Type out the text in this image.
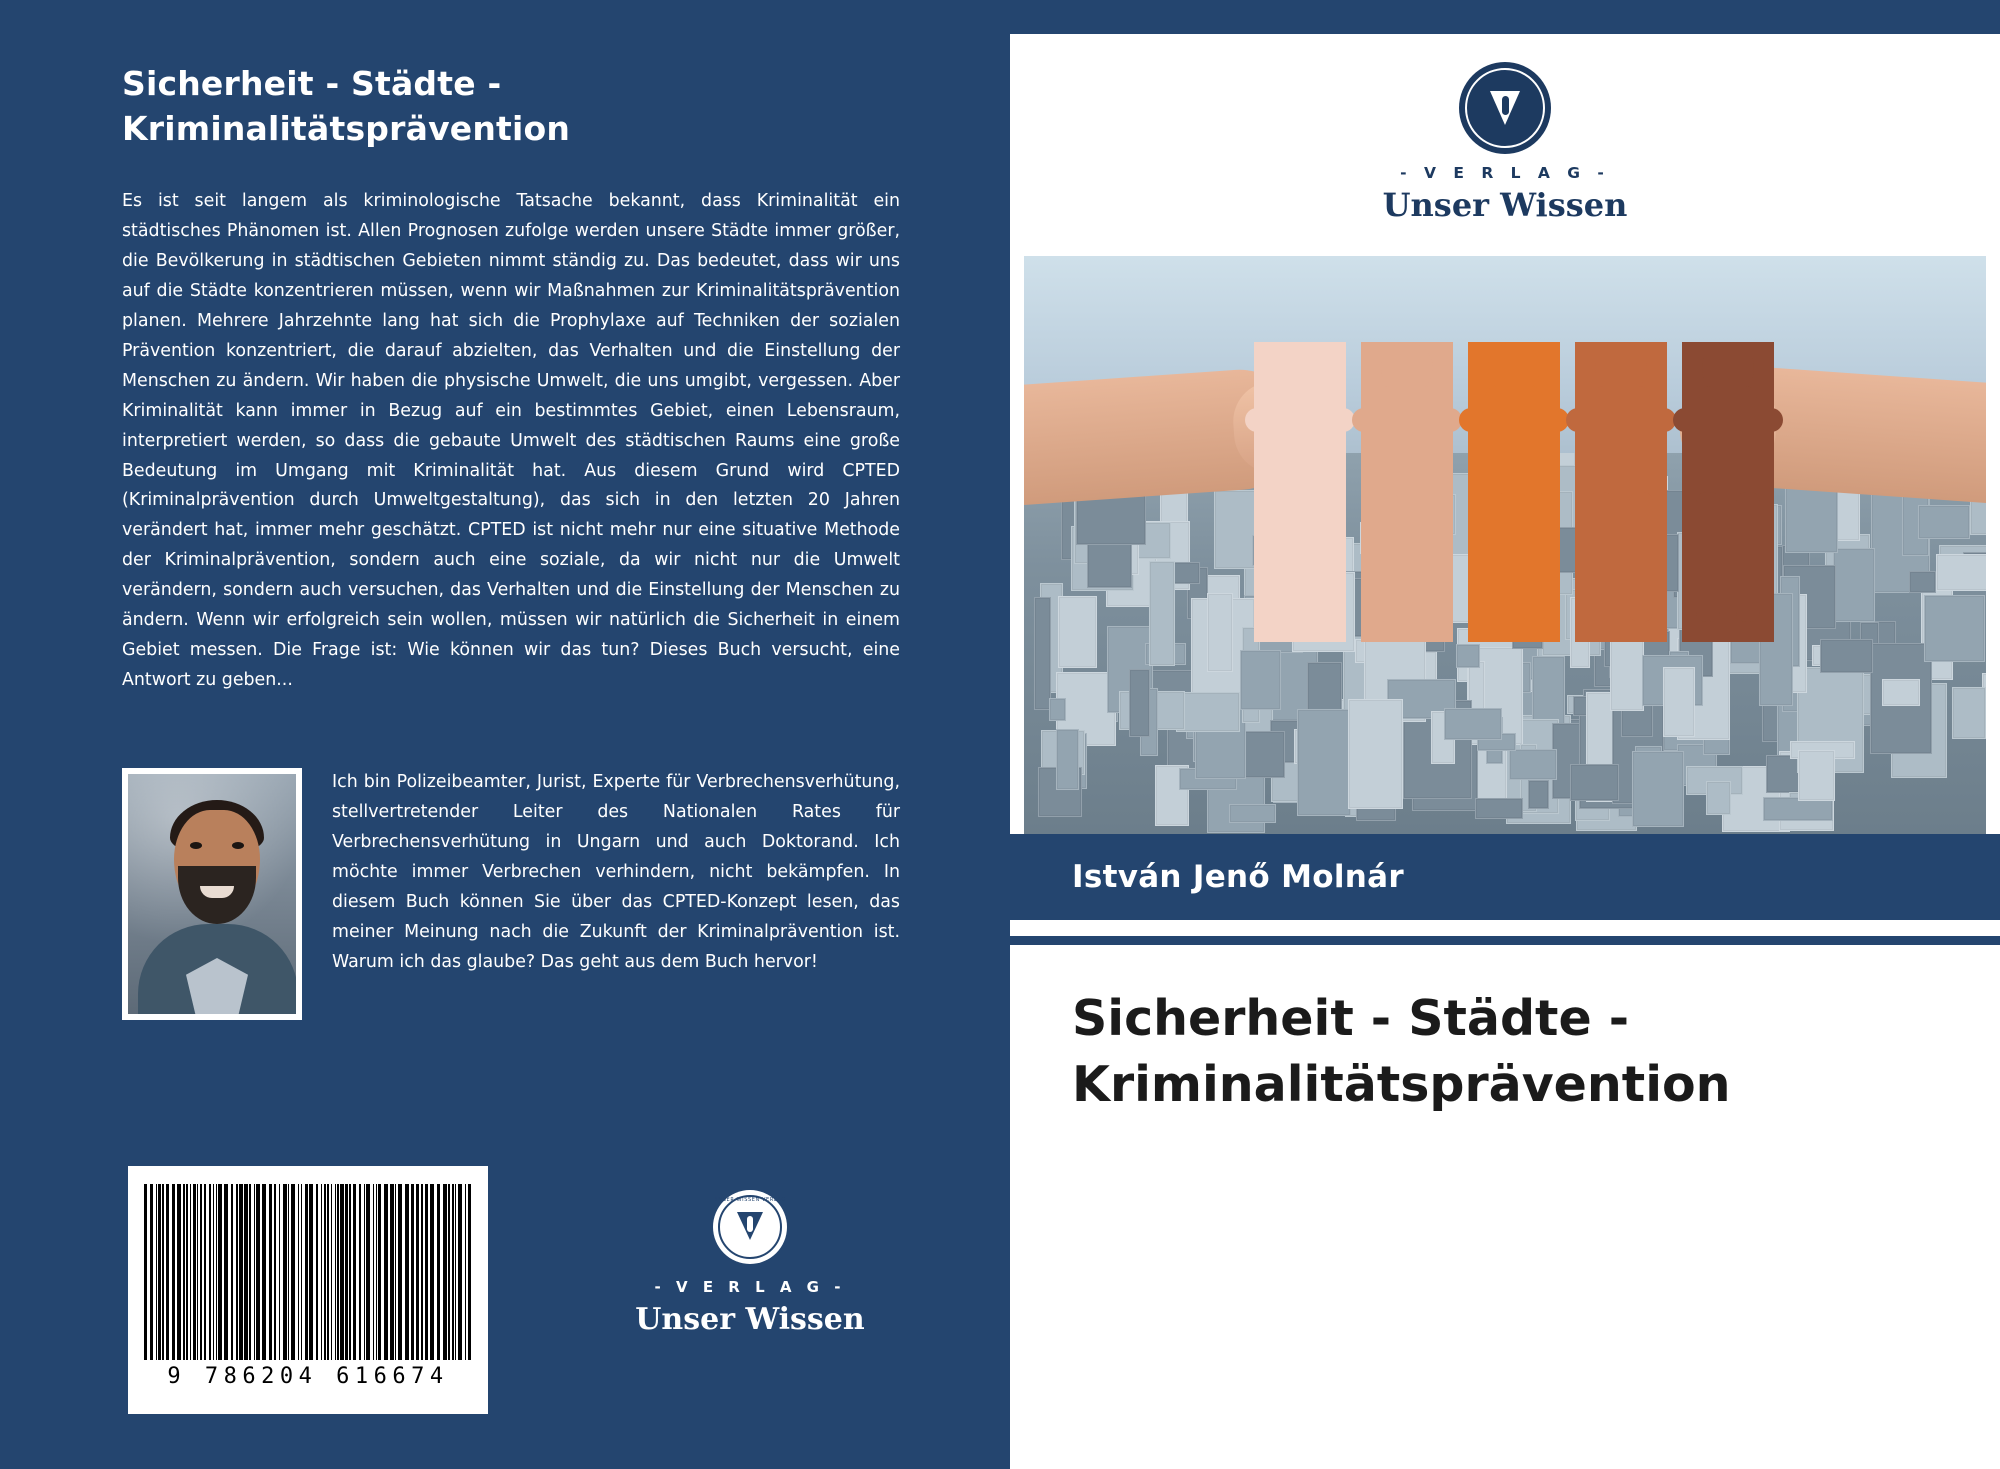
Sicherheit - Städte - Kriminalitätsprävention

Es ist seit langem als kriminologische Tatsache bekannt, dass Kriminalität ein städtisches Phänomen ist. Allen Prognosen zufolge werden unsere Städte immer größer, die Bevölkerung in städtischen Gebieten nimmt ständig zu. Das bedeutet, dass wir uns auf die Städte konzentrieren müssen, wenn wir Maßnahmen zur Kriminalitätsprävention planen. Mehrere Jahrzehnte lang hat sich die Prophylaxe auf Techniken der sozialen Prävention konzentriert, die darauf abzielten, das Verhalten und die Einstellung der Menschen zu ändern. Wir haben die physische Umwelt, die uns umgibt, vergessen. Aber Kriminalität kann immer in Bezug auf ein bestimmtes Gebiet, einen Lebensraum, interpretiert werden, so dass die gebaute Umwelt des städtischen Raums eine große Bedeutung im Umgang mit Kriminalität hat. Aus diesem Grund wird CPTED (Kriminalprävention durch Umweltgestaltung), das sich in den letzten 20 Jahren verändert hat, immer mehr geschätzt. CPTED ist nicht mehr nur eine situative Methode der Kriminalprävention, sondern auch eine soziale, da wir nicht nur die Umwelt verändern, sondern auch versuchen, das Verhalten und die Einstellung der Menschen zu ändern. Wenn wir erfolgreich sein wollen, müssen wir natürlich die Sicherheit in einem Gebiet messen. Die Frage ist: Wie können wir das tun? Dieses Buch versucht, eine Antwort zu geben...

Ich bin Polizeibeamter, Jurist, Experte für Verbrechensverhütung, stellvertretender Leiter des Nationalen Rates für Verbrechensverhütung in Ungarn und auch Doktorand. Ich möchte immer Verbrechen verhindern, nicht bekämpfen. In diesem Buch können Sie über das CPTED-Konzept lesen, das meiner Meinung nach die Zukunft der Kriminalprävention ist. Warum ich das glaube? Das geht aus dem Buch hervor!
9 786204 616674
UNSER WISSEN VERLAG
- V E R L A G -
Unser Wissen
- V E R L A G -
Unser Wissen
István Jenő Molnár
Sicherheit - Städte - Kriminalitätsprävention
